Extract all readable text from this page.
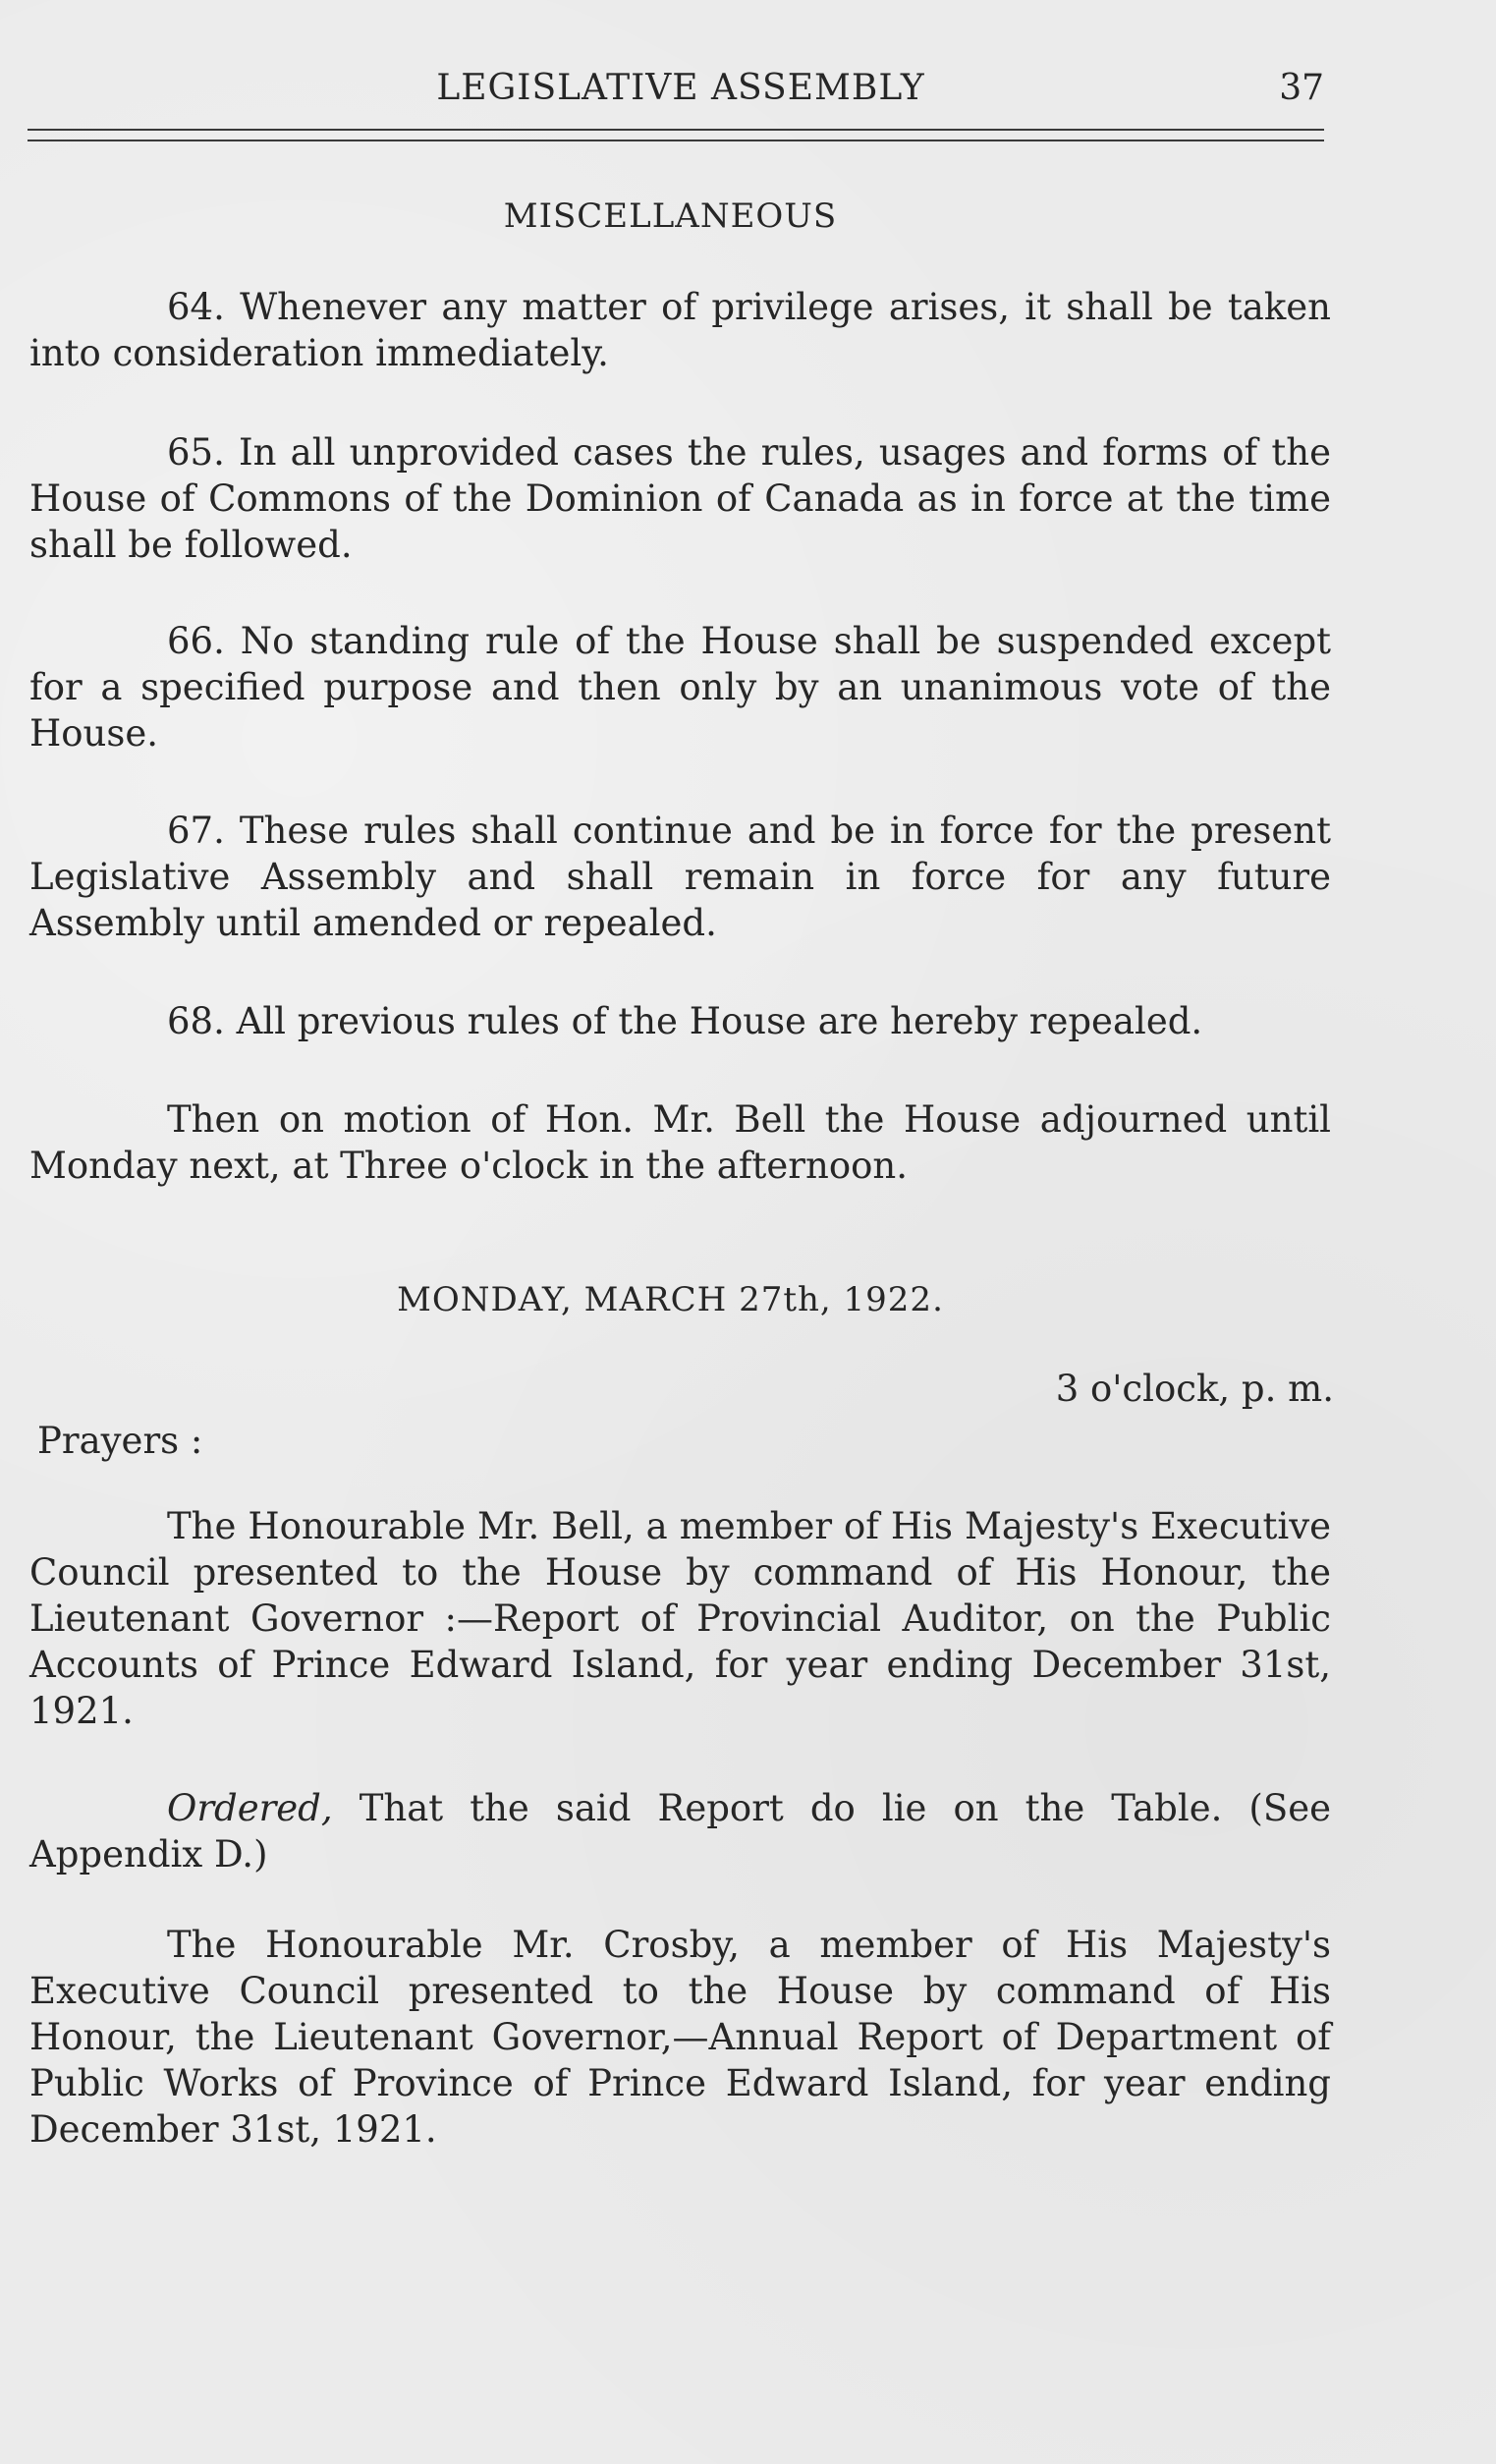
LEGISLATIVE ASSEMBLY	37
MISCELLANEOUS
64. Whenever any matter of privilege arises, it shall be taken into consideration immediately.
65. In all unprovided cases the rules, usages and forms of the House of Commons of the Dominion of Canada as in force at the time shall be followed.
66. No standing rule of the House shall be suspended except for a specified purpose and then only by an unanimous vote of the House.
67. These rules shall continue and be in force for the present Legislative Assembly and shall remain in force for any future Assembly until amended or repealed.
68. All previous rules of the House are hereby repealed.
Then on motion of Hon. Mr. Bell the House adjourned until Monday next, at Three o'clock in the afternoon.
MONDAY, MARCH 27th, 1922.
3 o'clock, p. m.
Prayers :
The Honourable Mr. Bell, a member of His Majesty's Executive Council presented to the House by command of His Honour, the Lieutenant Governor :—Report of Provincial Auditor, on the Public Accounts of Prince Edward Island, for year ending December 31st, 1921.
Ordered, That the said Report do lie on the Table. (See Appendix D.)
The Honourable Mr. Crosby, a member of His Majesty's Executive Council presented to the House by command of His Honour, the Lieutenant Governor,—Annual Report of Department of Public Works of Province of Prince Edward Island, for year ending December 31st, 1921.
